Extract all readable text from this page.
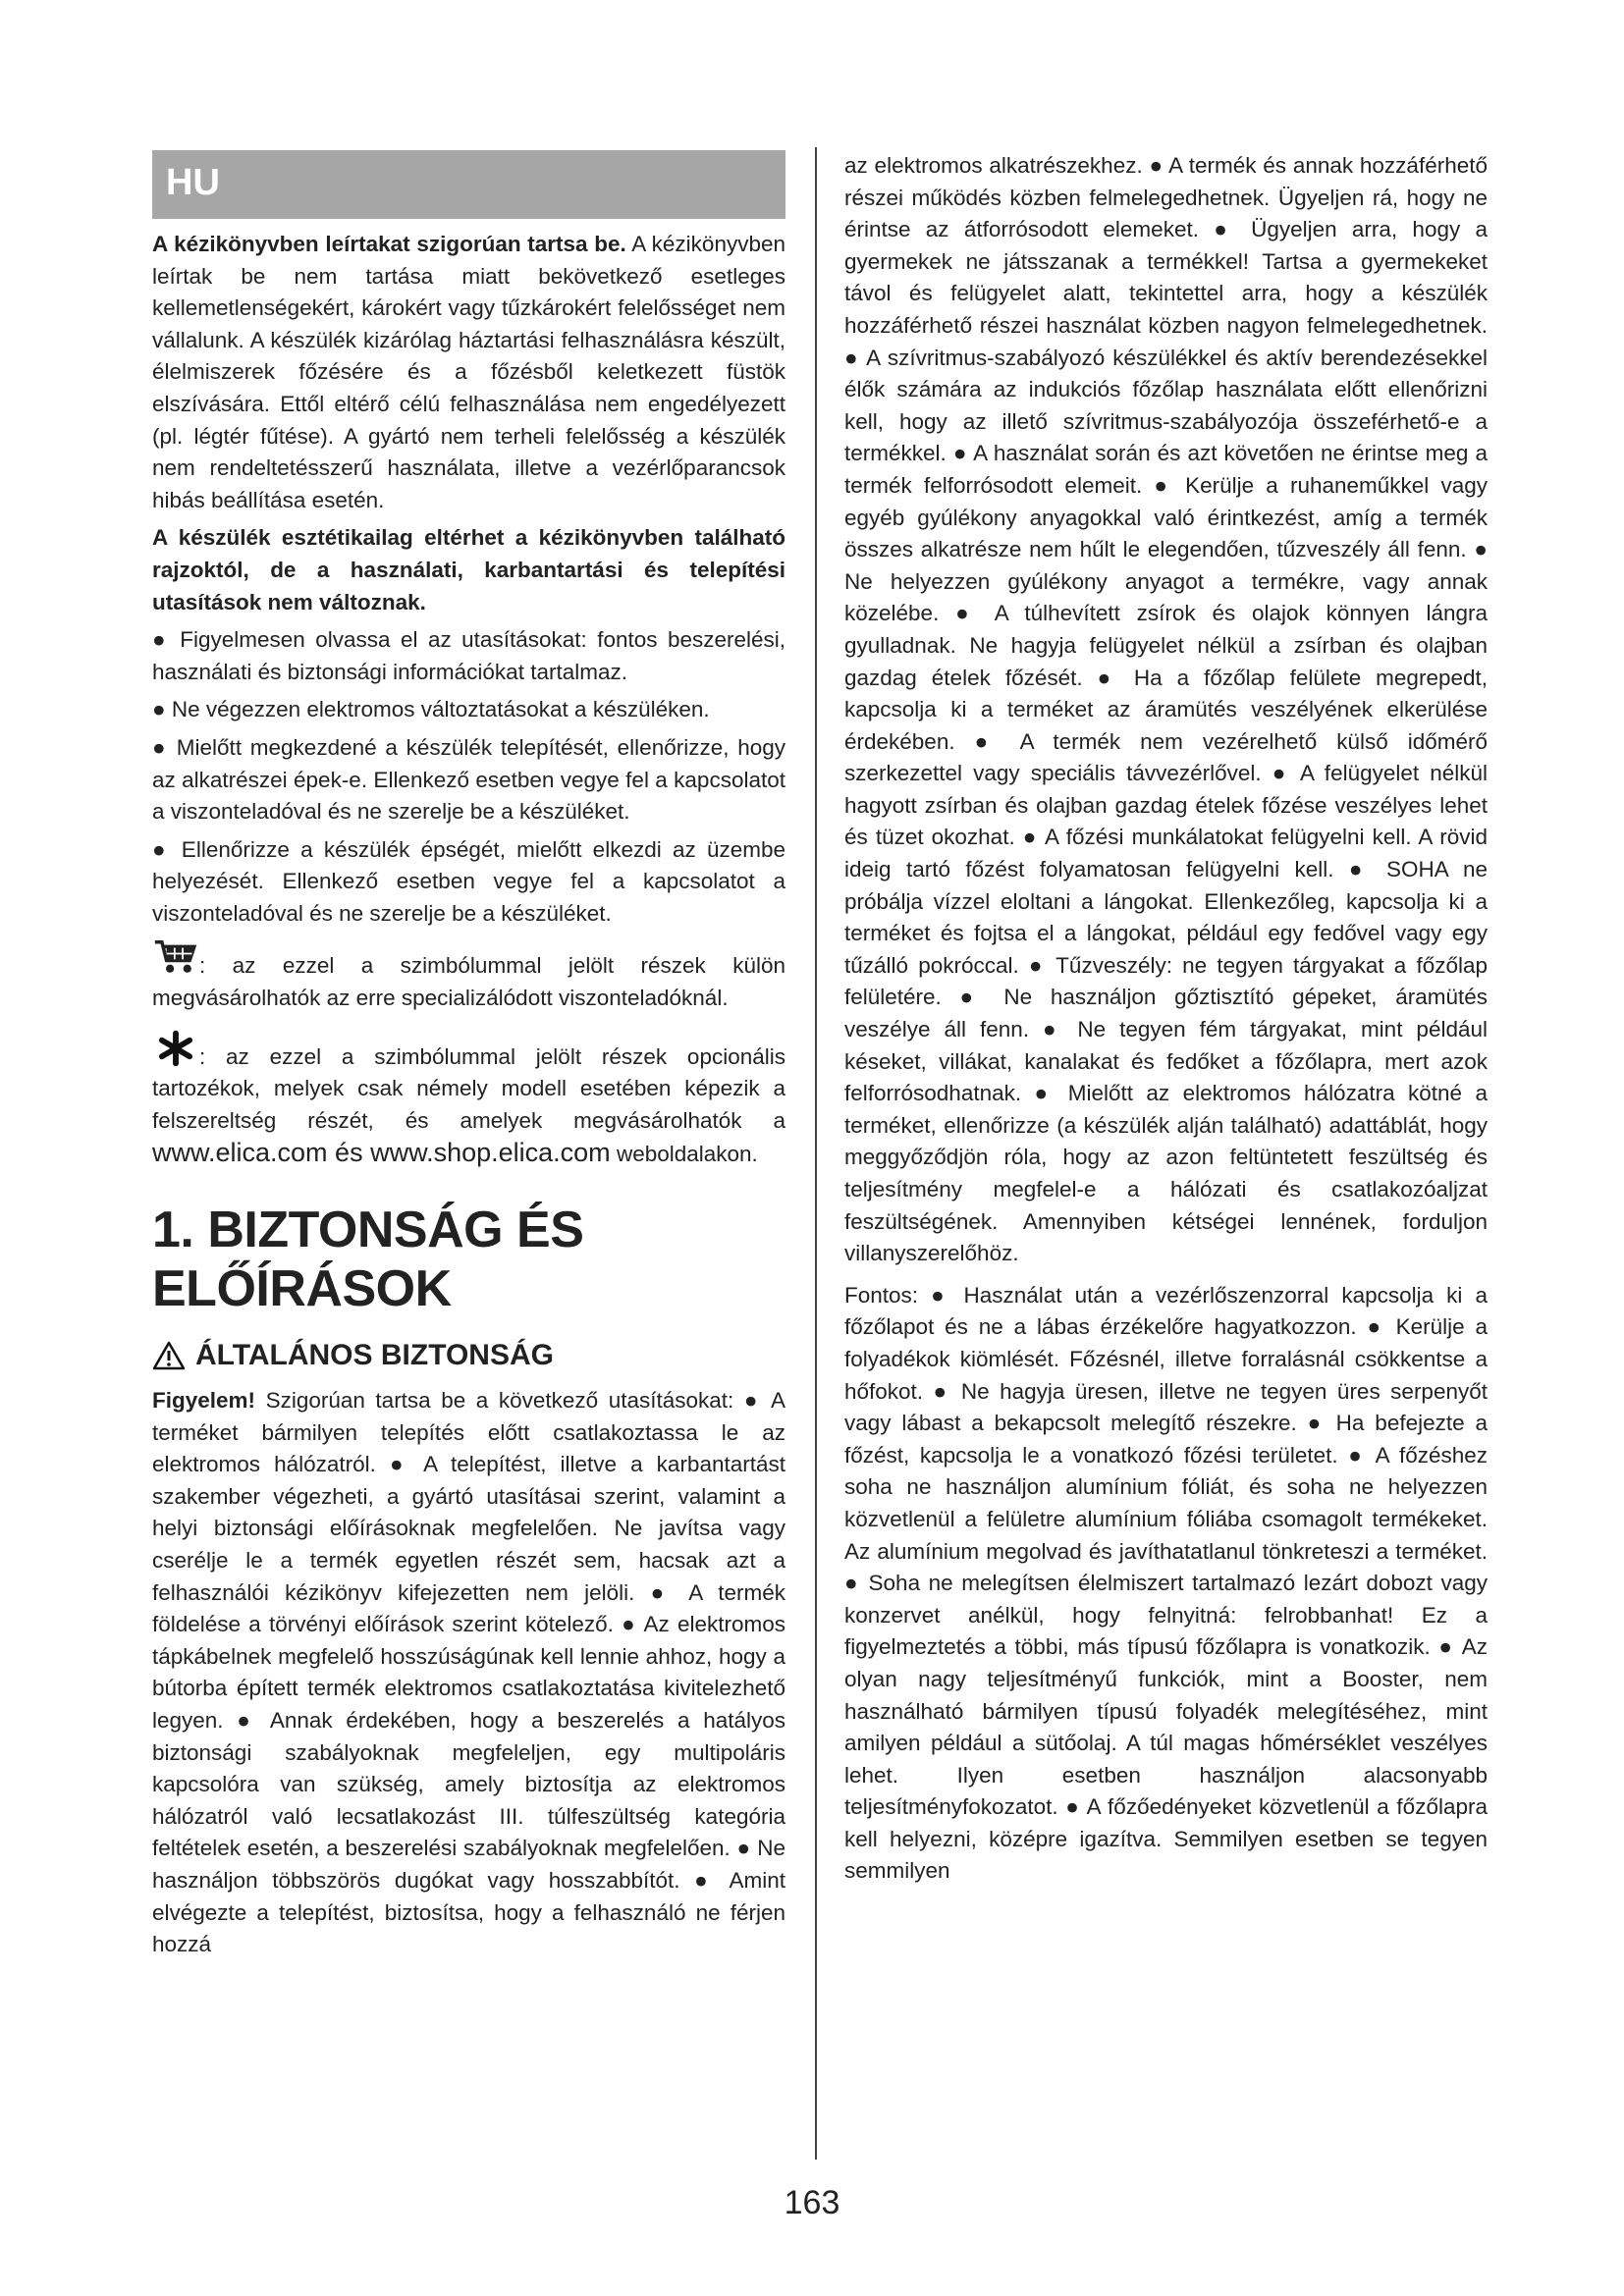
HU

A kézikönyvben leírtakat szigorúan tartsa be. A kézikönyvben leírtak be nem tartása miatt bekövetkező esetleges kellemetlenségekért, károkért vagy tűzkárokért felelősséget nem vállalunk. A készülék kizárólag háztartási felhasználásra készült, élelmiszerek főzésére és a főzésből keletkezett füstök elszívására. Ettől eltérő célú felhasználása nem engedélyezett (pl. légtér fűtése). A gyártó nem terheli felelősség a készülék nem rendeltetésszerű használata, illetve a vezérlőparancsok hibás beállítása esetén.

A készülék esztétikailag eltérhet a kézikönyvben található rajzoktól, de a használati, karbantartási és telepítési utasítások nem változnak.

● Figyelmesen olvassa el az utasításokat: fontos beszerelési, használati és biztonsági információkat tartalmaz.

● Ne végezzen elektromos változtatásokat a készüléken.

● Mielőtt megkezdené a készülék telepítését, ellenőrizze, hogy az alkatrészei épek-e. Ellenkező esetben vegye fel a kapcsolatot a viszonteladóval és ne szerelje be a készüléket.

● Ellenőrizze a készülék épségét, mielőtt elkezdi az üzembe helyezését. Ellenkező esetben vegye fel a kapcsolatot a viszonteladóval és ne szerelje be a készüléket.

: az ezzel a szimbólummal jelölt részek külön megvásárolhatók az erre specializálódott viszonteladóknál.

: az ezzel a szimbólummal jelölt részek opcionális tartozékok, melyek csak némely modell esetében képezik a felszereltség részét, és amelyek megvásárolhatók a www.elica.com és www.shop.elica.com weboldalakon.

1. BIZTONSÁG ÉS ELŐÍRÁSOK
ÁLTALÁNOS BIZTONSÁG

Figyelem! Szigorúan tartsa be a következő utasításokat: ● A terméket bármilyen telepítés előtt csatlakoztassa le az elektromos hálózatról. ● A telepítést, illetve a karbantartást szakember végezheti, a gyártó utasításai szerint, valamint a helyi biztonsági előírásoknak megfelelően. Ne javítsa vagy cserélje le a termék egyetlen részét sem, hacsak azt a felhasználói kézikönyv kifejezetten nem jelöli. ● A termék földelése a törvényi előírások szerint kötelező. ● Az elektromos tápkábelnek megfelelő hosszúságúnak kell lennie ahhoz, hogy a bútorba épített termék elektromos csatlakoztatása kivitelezhető legyen. ● Annak érdekében, hogy a beszerelés a hatályos biztonsági szabályoknak megfeleljen, egy multipoláris kapcsolóra van szükség, amely biztosítja az elektromos hálózatról való lecsatlakozást III. túlfeszültség kategória feltételek esetén, a beszerelési szabályoknak megfelelően. ● Ne használjon többszörös dugókat vagy hosszabbítót. ● Amint elvégezte a telepítést, biztosítsa, hogy a felhasználó ne férjen hozzá

az elektromos alkatrészekhez. ● A termék és annak hozzáférhető részei működés közben felmelegedhetnek. Ügyeljen rá, hogy ne érintse az átforrósodott elemeket. ● Ügyeljen arra, hogy a gyermekek ne játsszanak a termékkel! Tartsa a gyermekeket távol és felügyelet alatt, tekintettel arra, hogy a készülék hozzáférhető részei használat közben nagyon felmelegedhetnek. ● A szívritmus-szabályozó készülékkel és aktív berendezésekkel élők számára az indukciós főzőlap használata előtt ellenőrizni kell, hogy az illető szívritmus-szabályozója összeférhető-e a termékkel. ● A használat során és azt követően ne érintse meg a termék felforrósodott elemeit. ● Kerülje a ruhaneműkkel vagy egyéb gyúlékony anyagokkal való érintkezést, amíg a termék összes alkatrésze nem hűlt le elegendően, tűzveszély áll fenn. ● Ne helyezzen gyúlékony anyagot a termékre, vagy annak közelébe. ● A túlhevített zsírok és olajok könnyen lángra gyulladnak. Ne hagyja felügyelet nélkül a zsírban és olajban gazdag ételek főzését. ● Ha a főzőlap felülete megrepedt, kapcsolja ki a terméket az áramütés veszélyének elkerülése érdekében. ● A termék nem vezérelhető külső időmérő szerkezettel vagy speciális távvezérlővel. ● A felügyelet nélkül hagyott zsírban és olajban gazdag ételek főzése veszélyes lehet és tüzet okozhat. ● A főzési munkálatokat felügyelni kell. A rövid ideig tartó főzést folyamatosan felügyelni kell. ● SOHA ne próbálja vízzel eloltani a lángokat. Ellenkezőleg, kapcsolja ki a terméket és fojtsa el a lángokat, például egy fedővel vagy egy tűzálló pokróccal. ● Tűzveszély: ne tegyen tárgyakat a főzőlap felületére. ● Ne használjon gőztisztító gépeket, áramütés veszélye áll fenn. ● Ne tegyen fém tárgyakat, mint például késeket, villákat, kanalakat és fedőket a főzőlapra, mert azok felforrósodhatnak. ● Mielőtt az elektromos hálózatra kötné a terméket, ellenőrizze (a készülék alján található) adattáblát, hogy meggyőződjön róla, hogy az azon feltüntetett feszültség és teljesítmény megfelel-e a hálózati és csatlakozóaljzat feszültségének. Amennyiben kétségei lennének, forduljon villanyszerelőhöz.

Fontos: ● Használat után a vezérlőszenzorral kapcsolja ki a főzőlapot és ne a lábas érzékelőre hagyatkozzon. ● Kerülje a folyadékok kiömlését. Főzésnél, illetve forralásnál csökkentse a hőfokot. ● Ne hagyja üresen, illetve ne tegyen üres serpenyőt vagy lábast a bekapcsolt melegítő részekre. ● Ha befejezte a főzést, kapcsolja le a vonatkozó főzési területet. ● A főzéshez soha ne használjon alumínium fóliát, és soha ne helyezzen közvetlenül a felületre alumínium fóliába csomagolt termékeket. Az alumínium megolvad és javíthatatlanul tönkreteszi a terméket. ● Soha ne melegítsen élelmiszert tartalmazó lezárt dobozt vagy konzervet anélkül, hogy felnyitná: felrobbanhat! Ez a figyelmeztetés a többi, más típusú főzőlapra is vonatkozik. ● Az olyan nagy teljesítményű funkciók, mint a Booster, nem használható bármilyen típusú folyadék melegítéséhez, mint amilyen például a sütőolaj. A túl magas hőmérséklet veszélyes lehet. Ilyen esetben használjon alacsonyabb teljesítményfokozatot. ● A főzőedényeket közvetlenül a főzőlapra kell helyezni, középre igazítva. Semmilyen esetben se tegyen semmilyen

163
